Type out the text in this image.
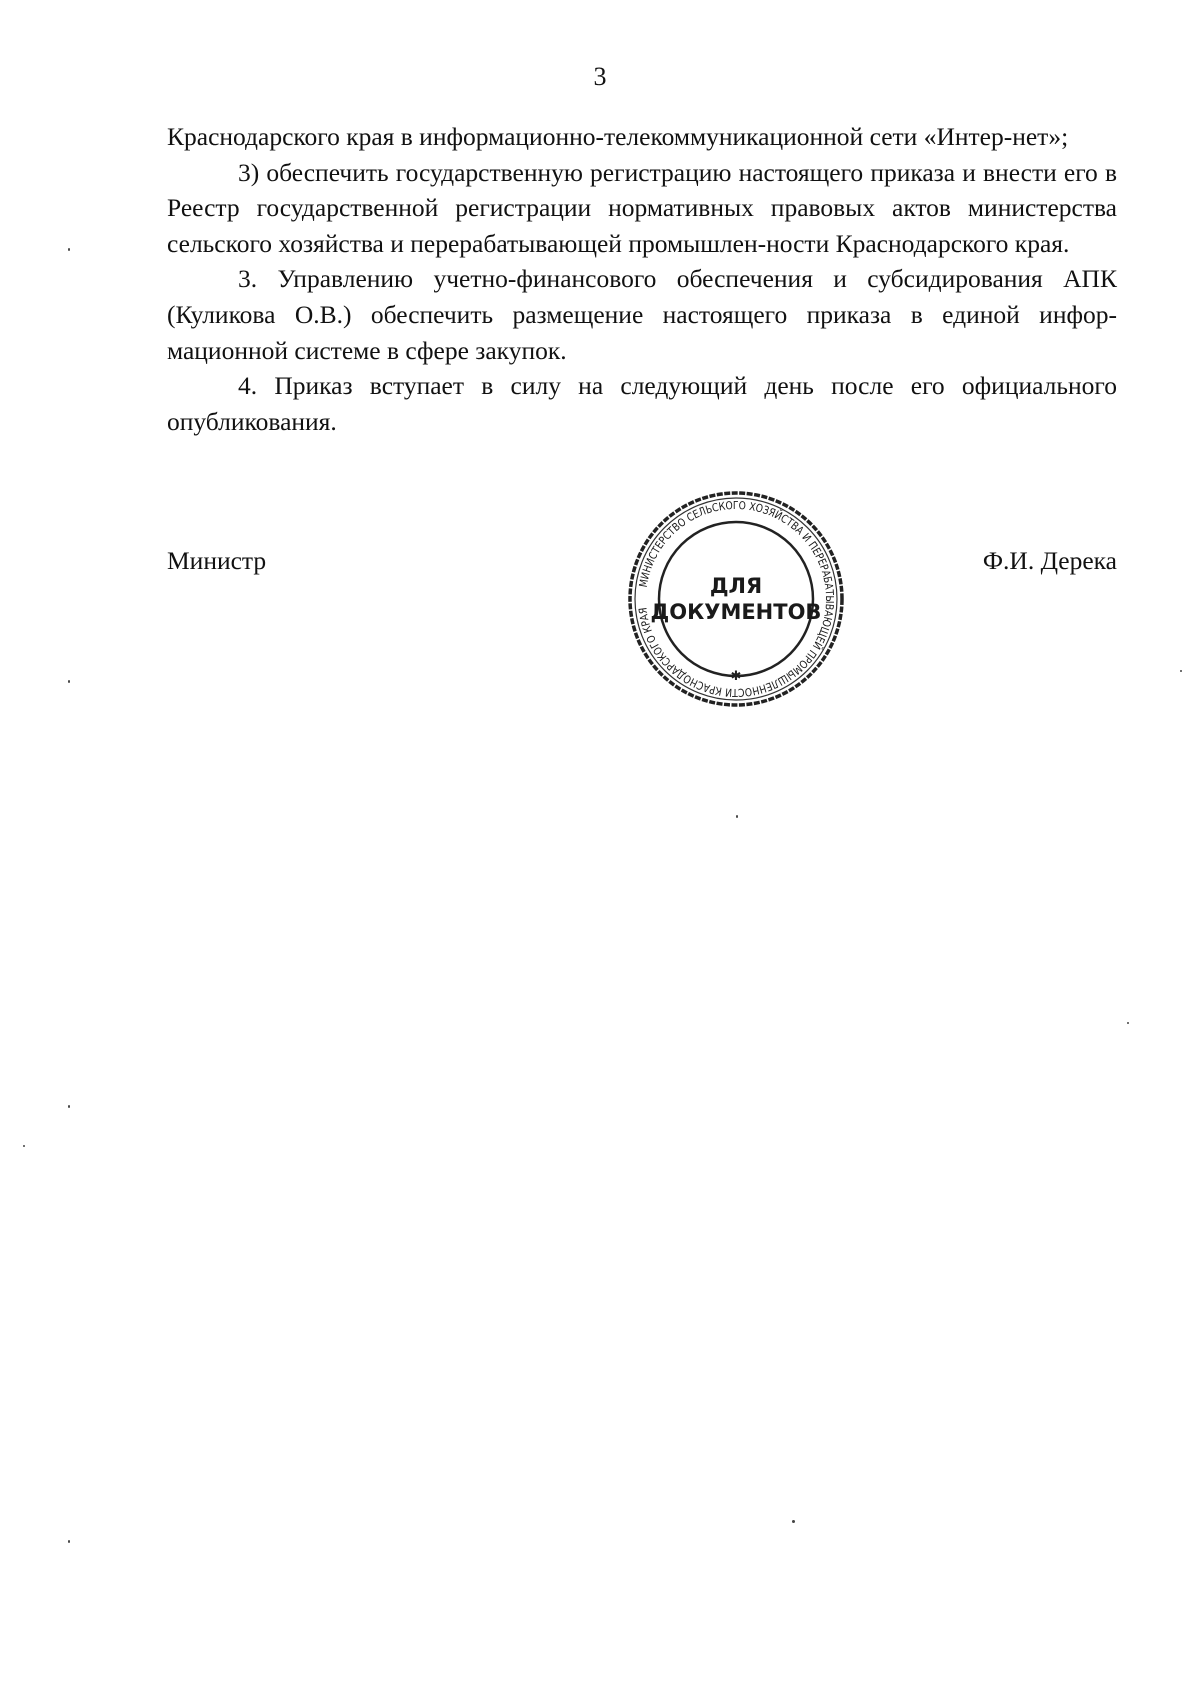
3

Краснодарского края в информационно-телекоммуникационной сети «Интер-нет»;

3) обеспечить государственную регистрацию настоящего приказа и внести его в Реестр государственной регистрации нормативных правовых актов министерства сельского хозяйства и перерабатывающей промышлен-ности Краснодарского края.

3. Управлению учетно-финансового обеспечения и субсидирования АПК (Куликова О.В.) обеспечить размещение настоящего приказа в единой инфор-мационной системе в сфере закупок.

4. Приказ вступает в силу на следующий день после его официального опубликования.

Министр	Ф.И. Дерека
МИНИСТЕРСТВО СЕЛЬСКОГО ХОЗЯЙСТВА И ПЕРЕРАБАТЫВАЮЩЕЙ ПРОМЫШЛЕННОСТИ КРАСНОДАРСКОГО КРАЯ
ДЛЯ
ДОКУМЕНТОВ
✱
